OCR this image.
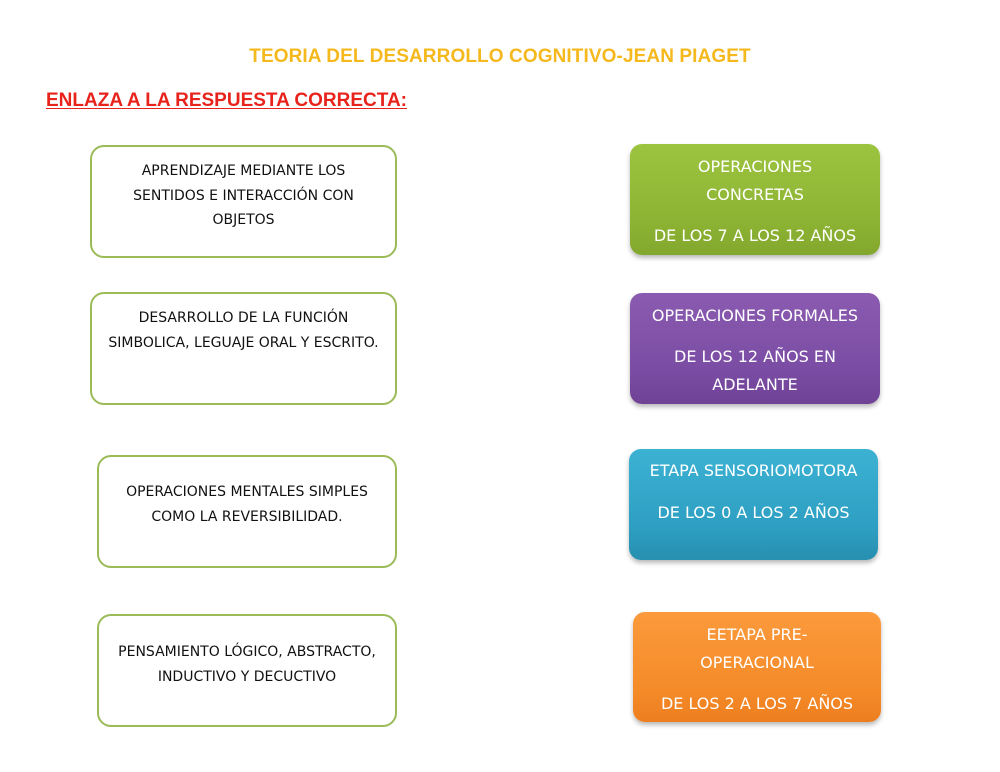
TEORIA DEL DESARROLLO COGNITIVO-JEAN PIAGET
ENLAZA A LA RESPUESTA CORRECTA:
APRENDIZAJE MEDIANTE LOS SENTIDOS E INTERACCIÓN CON OBJETOS
DESARROLLO DE LA FUNCIÓN SIMBOLICA, LEGUAJE ORAL Y ESCRITO.
OPERACIONES MENTALES SIMPLES COMO LA REVERSIBILIDAD.
PENSAMIENTO LÓGICO, ABSTRACTO, INDUCTIVO Y DECUCTIVO
OPERACIONES CONCRETAS
DE LOS 7 A LOS 12 AÑOS
OPERACIONES FORMALES
DE LOS 12 AÑOS EN ADELANTE
ETAPA SENSORIOMOTORA
DE LOS 0 A LOS 2 AÑOS
EETAPA PRE-OPERACIONAL
DE LOS 2 A LOS 7 AÑOS
